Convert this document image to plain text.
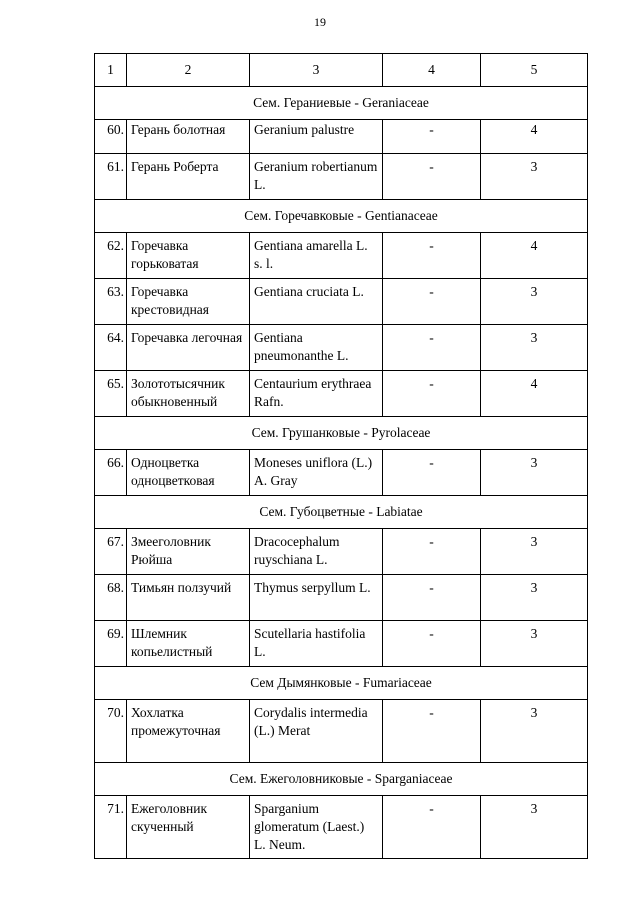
19
1	2	3	4	5
Сем. Гераниевые - Geraniaceae				
60.	Герань болотная	Geranium palustre	-	4
61.	Герань Роберта	Geranium robertianum L.	-	3
Сем. Горечавковые - Gentianaceae				
62.	Горечавка горьковатая	Gentiana amarella L. s. l.	-	4
63.	Горечавка крестовидная	Gentiana cruciata L.	-	3
64.	Горечавка легочная	Gentiana pneumonanthe L.	-	3
65.	Золототысячник обыкновенный	Centaurium erythraea Rafn.	-	4
Сем. Грушанковые - Pyrolaceae				
66.	Одноцветка одноцветковая	Moneses uniflora (L.) A. Gray	-	3
Сем. Губоцветные - Labiatae				
67.	Змееголовник Рюйша	Dracocephalum ruyschiana L.	-	3
68.	Тимьян ползучий	Thymus serpyllum L.	-	3
69.	Шлемник копьелистный	Scutellaria hastifolia L.	-	3
Сем Дымянковые - Fumariaceae				
70.	Хохлатка промежуточная	Corydalis intermedia (L.) Merat	-	3
Сем. Ежеголовниковые - Sparganiaceae				
71.	Ежеголовник скученный	Sparganium glomeratum (Laest.) L. Neum.	-	3
